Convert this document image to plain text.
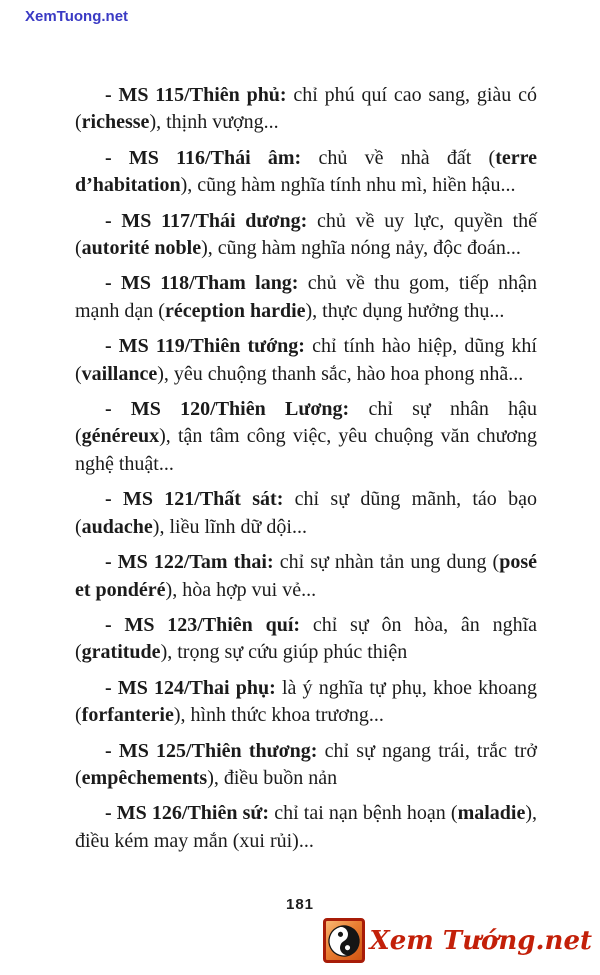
XemTuong.net

- MS 115/Thiên phủ: chỉ phú quí cao sang, giàu có (richesse), thịnh vượng...

- MS 116/Thái âm: chủ về nhà đất (terre d’habitation), cũng hàm nghĩa tính nhu mì, hiền hậu...

- MS 117/Thái dương: chủ về uy lực, quyền thế (autorité noble), cũng hàm nghĩa nóng nảy, độc đoán...

- MS 118/Tham lang: chủ về thu gom, tiếp nhận mạnh dạn (réception hardie), thực dụng hưởng thụ...

- MS 119/Thiên tướng: chỉ tính hào hiệp, dũng khí (vaillance), yêu chuộng thanh sắc, hào hoa phong nhã...

- MS 120/Thiên Lương: chỉ sự nhân hậu (généreux), tận tâm công việc, yêu chuộng văn chương nghệ thuật...

- MS 121/Thất sát: chỉ sự dũng mãnh, táo bạo (audache), liều lĩnh dữ dội...

- MS 122/Tam thai: chỉ sự nhàn tản ung dung (posé et pondéré), hòa hợp vui vẻ...

- MS 123/Thiên quí: chỉ sự ôn hòa, ân nghĩa (gratitude), trọng sự cứu giúp phúc thiện

- MS 124/Thai phụ: là ý nghĩa tự phụ, khoe khoang (forfanterie), hình thức khoa trương...

- MS 125/Thiên thương: chỉ sự ngang trái, trắc trở (empêchements), điều buồn nản

- MS 126/Thiên sứ: chỉ tai nạn bệnh hoạn (maladie), điều kém may mắn (xui rủi)...

181
Xem Tướng.net
